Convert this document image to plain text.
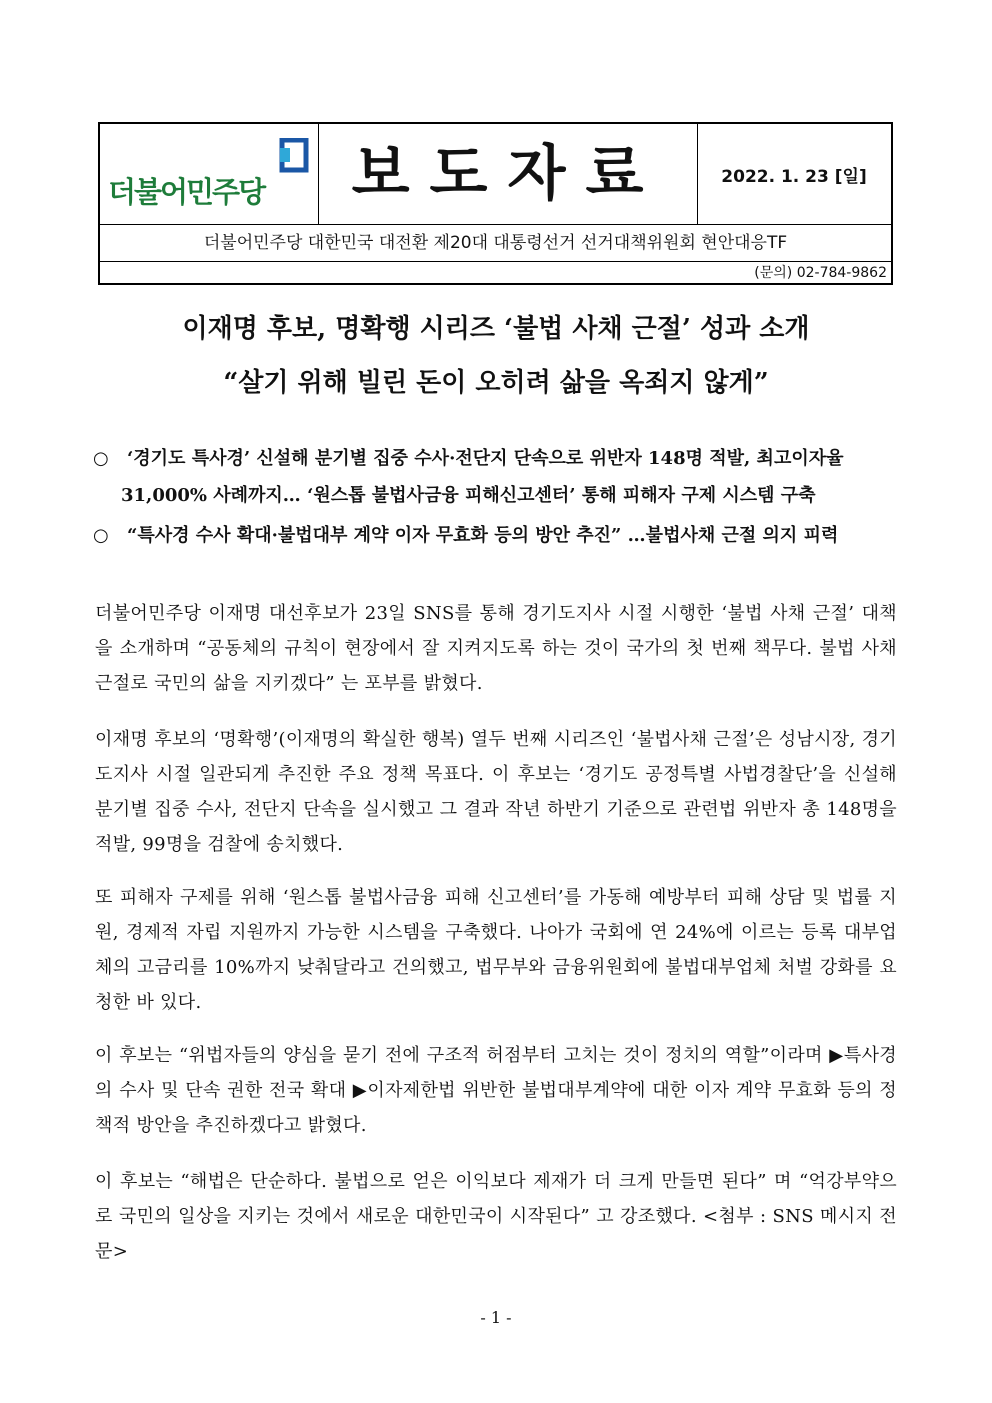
더불어민주당	보도자료	2022. 1. 23 [일]
더불어민주당 대한민국 대전환 제20대 대통령선거 선거대책위원회 현안대응TF
(문의) 02-784-9862
이재명 후보, 명확행 시리즈 ‘불법 사채 근절’ 성과 소개
“살기 위해 빌린 돈이 오히려 삶을 옥죄지 않게”
○ ‘경기도 특사경’ 신설해 분기별 집중 수사·전단지 단속으로 위반자 148명 적발, 최고이자율
31,000% 사례까지… ‘원스톱 불법사금융 피해신고센터’ 통해 피해자 구제 시스템 구축
○ “특사경 수사 확대·불법대부 계약 이자 무효화 등의 방안 추진” …불법사채 근절 의지 피력
더불어민주당 이재명 대선후보가 23일 SNS를 통해 경기도지사 시절 시행한 ‘불법 사채 근절’ 대책을 소개하며 “공동체의 규칙이 현장에서 잘 지켜지도록 하는 것이 국가의 첫 번째 책무다. 불법 사채 근절로 국민의 삶을 지키겠다” 는 포부를 밝혔다.
이재명 후보의 ‘명확행’(이재명의 확실한 행복) 열두 번째 시리즈인 ‘불법사채 근절’은 성남시장, 경기도지사 시절 일관되게 추진한 주요 정책 목표다. 이 후보는 ‘경기도 공정특별 사법경찰단’을 신설해 분기별 집중 수사, 전단지 단속을 실시했고 그 결과 작년 하반기 기준으로 관련법 위반자 총 148명을 적발, 99명을 검찰에 송치했다.
또 피해자 구제를 위해 ‘원스톱 불법사금융 피해 신고센터’를 가동해 예방부터 피해 상담 및 법률 지원, 경제적 자립 지원까지 가능한 시스템을 구축했다. 나아가 국회에 연 24%에 이르는 등록 대부업체의 고금리를 10%까지 낮춰달라고 건의했고, 법무부와 금융위원회에 불법대부업체 처벌 강화를 요청한 바 있다.
이 후보는 “위법자들의 양심을 묻기 전에 구조적 허점부터 고치는 것이 정치의 역할”이라며 ▶특사경의 수사 및 단속 권한 전국 확대 ▶이자제한법 위반한 불법대부계약에 대한 이자 계약 무효화 등의 정책적 방안을 추진하겠다고 밝혔다.
이 후보는 “해법은 단순하다. 불법으로 얻은 이익보다 제재가 더 크게 만들면 된다” 며 “억강부약으로 국민의 일상을 지키는 것에서 새로운 대한민국이 시작된다” 고 강조했다. <첨부 : SNS 메시지 전문>
- 1 -
